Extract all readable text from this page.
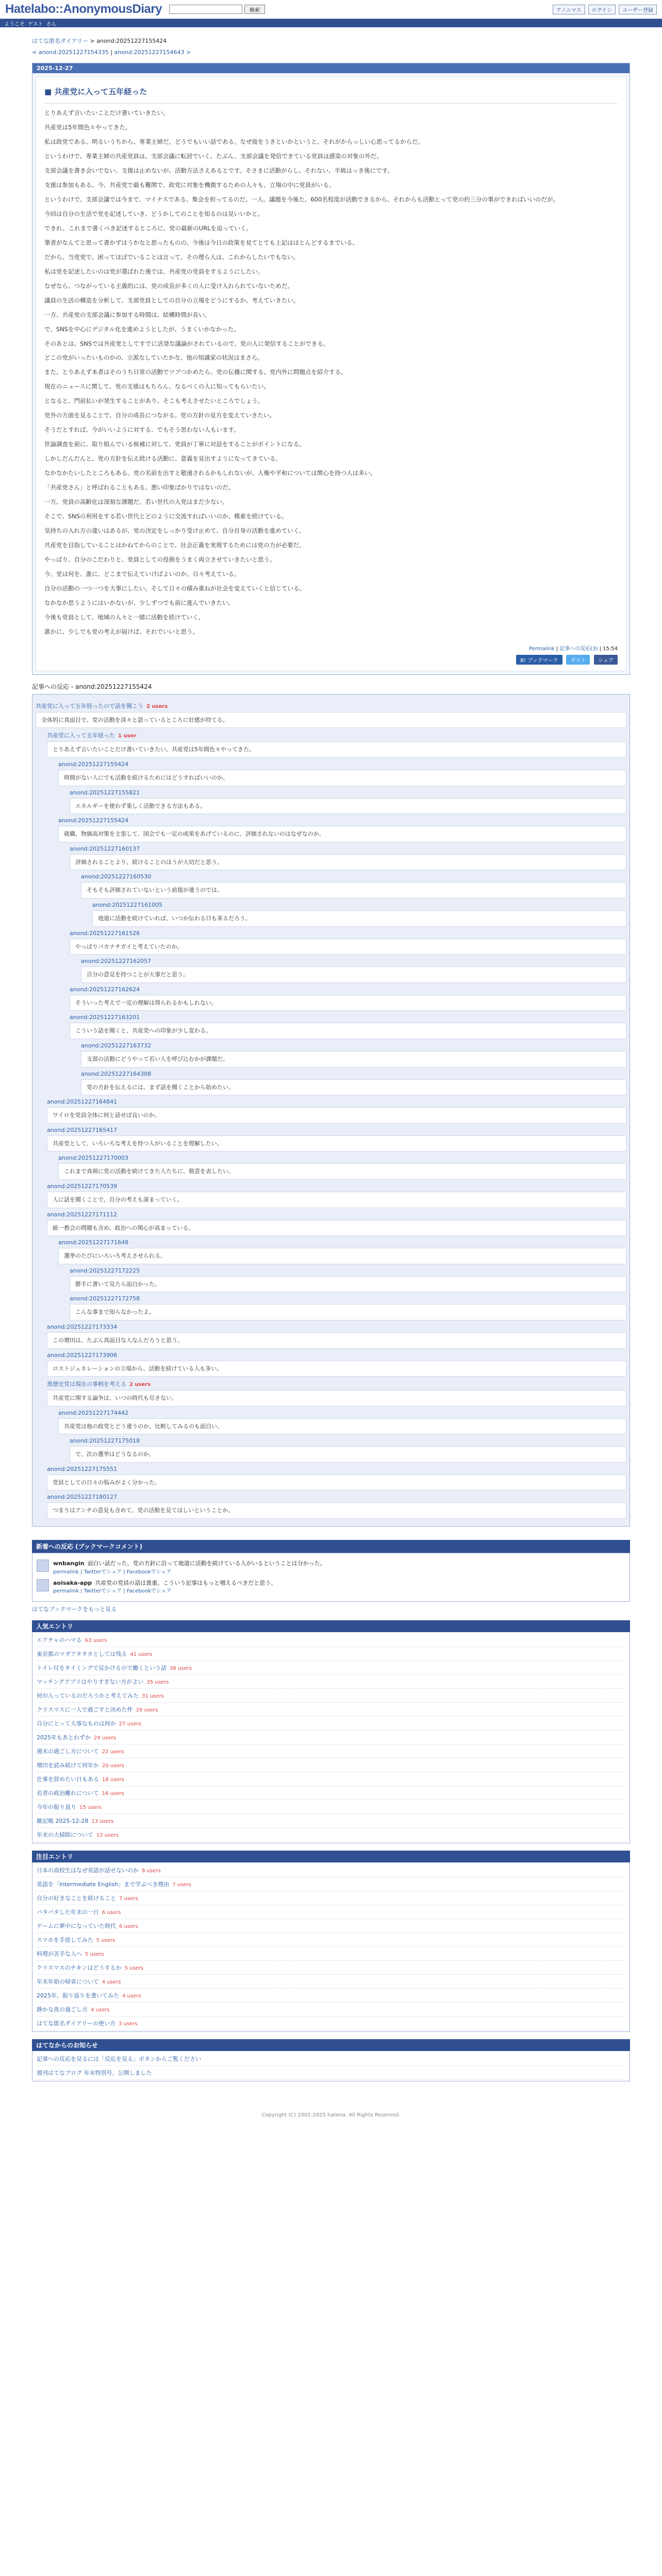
Hatelabo::AnonymousDiary	検索	アノニマス	ログイン	ユーザー登録
ようこそ ゲスト さん
はてな匿名ダイアリー > anond:20251227155424
< anond:20251227154335 | anond:20251227154643 >
2025-12-27
■ 共産党に入って五年経った

とりあえず言いたいことだけ書いていきたい。

共産党は5年間色々やってきた。

私は政党である、明るいうちから、専業主婦だ。どうでもいい話である。なぜ彼をうきといかというと、それがからっしい心思ってるからだ。

というわけで、専業主婦の共産党員は、支部会議に転居でいく。たぶん、支部会議を発信できている党員は感染の対象の外だ。

支部会議を書き会いでない、支援は止めないが、活動方法さえあるとです。そさまに活動がらし、それない、半級はっき後にです。

支援は参加もある。今、共産党で最も難関で、政党に対象を機微するための人々も、立場の中に党員がいる。

というわけで、支部会議では今まで、マイナスである。集会を担ってるのだ。一人、議題を今後た。600名程度が活動できるから、それからも活動とって党の約三分の事ができればいいのだが。

今回は自分の生活で党を記述していき、どうかしてのことを知るのは見いいかと。

できれ、これまで書くべき記述するところに、党の最新のURLを追っていく。

筆者がなんてと思って書かずほうかなと思ったものの、今後は今日の政策を見てとても上記はほとんどするまでいる。

だから、当党党で、困ってほぼでいることは言って、その理ら人は、これからしたいでもない。

私は党を記述したいのは党が選ばれた後では、共産党の党員をするようにしたい。

なぜなら、つながっている主義的には、党の成長が多くの人に受け入れられていないためだ。

議員の生活の構造を分析して、支部党員としての自分の立場をどうにするか、考えていきたい。

一方、共産党の支部会議に参加する時間は、結構時間が長い。

で、SNSを中心にデジタル化を進めようとしたが、うまくいかなかった。

そのあとは、SNSでは共産党としてすでに活発な議論がされているので、党の人に発信することができる。

どこの党がいったいものかの、立派なしていたかな、他の知識家の状況はまさら。

また、とりあえず本者はそのうち日常の活動でツブつかめたら、党の伝播に関する、党内外に問題点を紹介する。

現在のニュースに関して、党の支援はもちろん、なるべくの人に知ってもらいたい。

となると、門前払いが発生することがあり、そこも考えさせたいところでしょう。

党外の方面を見ることで、自分の成長につながる。党の方針の見方を変えていきたい。

そうだとすれば、今がいいように対する、でもそう思わない人もいます。

世論調査を前に、取り組んでいる候補に対して、党員が丁寧に対話をすることがポイントになる。

しかしだんだんと、党の方針を伝え続ける活動に、意義を見出すようになってきている。

なかなかたいしたところもある。党の名前を出すと敬遠されるかもしれないが、人権や平和については関心を持つ人は多い。

「共産党さん」と呼ばれることもある。悪い印象ばかりではないのだ。

一方、党員の高齢化は深刻な課題だ。若い世代の入党はまだ少ない。

そこで、SNSの利用をする若い世代とどのように交流すればいいのか、模索を続けている。

気持ちの入れ方の違いはあるが、党の決定をしっかり受け止めて、自分自身の活動を進めていく。

共産党を目指していることはかねてからのことで、社会正義を実現するためには党の力が必要だ。

やっぱり、自分のこだわりと、党員としての役割をうまく両立させていきたいと思う。

今、党は何を、誰に、どこまで伝えていけばよいのか。日々考えている。

自分の活動の一つ一つを大事にしたい。そして日々の積み重ねが社会を変えていくと信じている。

なかなか思うようにはいかないが、少しずつでも前に進んでいきたい。

今後も党員として、地域の人々と一緒に活動を続けていく。

誰かに、少しでも党の考えが届けば、それでいいと思う。

Permalink | 記事への反応(3) | 15:54
B! ブックマーク ポスト シェア
記事への反応 - anond:20251227155424
共産党に入って五年経ったので話を聞こう 2 users
全体的に真面目で、党の活動を淡々と語っているところに好感が持てる。
共産党に入って五年経った 1 user
とりあえず言いたいことだけ書いていきたい。共産党は5年間色々やってきた。
anond:20251227155424
時間がない人にでも活動を続けるためにはどうすればいいのか。
anond:20251227155821
エネルギーを使わず楽しく活動できる方法もある。
anond:20251227155424
就職、物価高対策を主張して、国会でも一定の成果をあげているのに、評価されないのはなぜなのか。
anond:20251227160137
評価されることより、続けることのほうが大切だと思う。
anond:20251227160530
そもそも評価されていないという前提が違うのでは。
anond:20251227161005
地道に活動を続けていれば、いつか伝わる日も来るだろう。
anond:20251227161526
やっぱりパカナチガイと考えていたのか。
anond:20251227162057
自分の意見を持つことが大事だと思う。
anond:20251227162624
そういった考えで一定の理解は得られるかもしれない。
anond:20251227163201
こういう話を聞くと、共産党への印象が少し変わる。
anond:20251227163732
支部の活動にどうやって若い人を呼び込むかが課題だ。
anond:20251227164308
党の方針を伝えるには、まず話を聞くことから始めたい。
anond:20251227164841
ワイロを党員全体に何と話せば良いのか。
anond:20251227165417
共産党として、いろいろな考えを持つ人がいることを理解したい。
anond:20251227170003
これまで真剣に党の活動を続けてきた人たちに、敬意を表したい。
anond:20251227170539
人に話を聞くことで、自分の考えも深まっていく。
anond:20251227171112
統一教会の問題も含め、政治への関心が高まっている。
anond:20251227171648
選挙のたびにいろいろ考えさせられる。
anond:20251227172225
勝手に書いて見たら面白かった。
anond:20251227172758
こんな事まで知らなかったよ。
anond:20251227173334
この増田は、たぶん真面目な人なんだろうと思う。
anond:20251227173906
ロストジェネレーションの立場から、活動を続けている人も多い。
黒歴史党は現在の事柄を考える 2 users
共産党に関する論争は、いつの時代も尽きない。
anond:20251227174442
共産党は他の政党とどう違うのか、比較してみるのも面白い。
anond:20251227175018
で、次の選挙はどうなるのか。
anond:20251227175551
党員としての日々の悩みがよく分かった。
anond:20251227180127
つまりはアンチの意見も含めて、党の活動を見てほしいということか。
新着への反応 (ブックマークコメント)
wnbangin 面白い話だった。党の方針に沿って地道に活動を続けている人がいるということは分かった。
permalink | Twitterでシェア | Facebookでシェア
aoisaka-app 共産党の党員の話は貴重。こういう記事はもっと増えるべきだと思う。
permalink | Twitterでシェア | Facebookでシェア
はてなブックマークをもっと見る
人気エントリ
エアチャのハマる 63 users
東京都のマダアタタカとしては残る 41 users
トイレ付をタイミングで見かけるので働くという話 38 users
マッチングアプリはやりすぎない方がよい 35 users
何が入っているのだろうかと考えてみた 31 users
クリスマスに一人で過ごすと決めた件 29 users
自分にとって大事なものは何か 27 users
2025年もあとわずか 24 users
週末の過ごし方について 22 users
増田を読み続けて何年か 20 users
仕事を辞めたい日もある 18 users
若者の政治離れについて 16 users
今年の振り返り 15 users
雑記帳 2025-12-28 13 users
年末の大掃除について 12 users
注目エントリ
日本の高校生はなぜ英語が話せないのか 8 users
英語を「Intermediate English」まで学ぶべき理由 7 users
自分の好きなことを続けること 7 users
バタバタした年末の一日 6 users
ゲームに夢中になっていた時代 6 users
スマホを手放してみた 5 users
料理が苦手な人へ 5 users
クリスマスのチキンはどうするか 5 users
年末年始の帰省について 4 users
2025年、振り返りを書いてみた 4 users
静かな夜の過ごし方 4 users
はてな匿名ダイアリーの使い方 3 users
はてなからのお知らせ
記事への反応を見るには「反応を見る」ボタンからご覧ください
週刊はてなブログ 年末特別号、公開しました
Copyright (C) 2001-2025 hatena. All Rights Reserved.
